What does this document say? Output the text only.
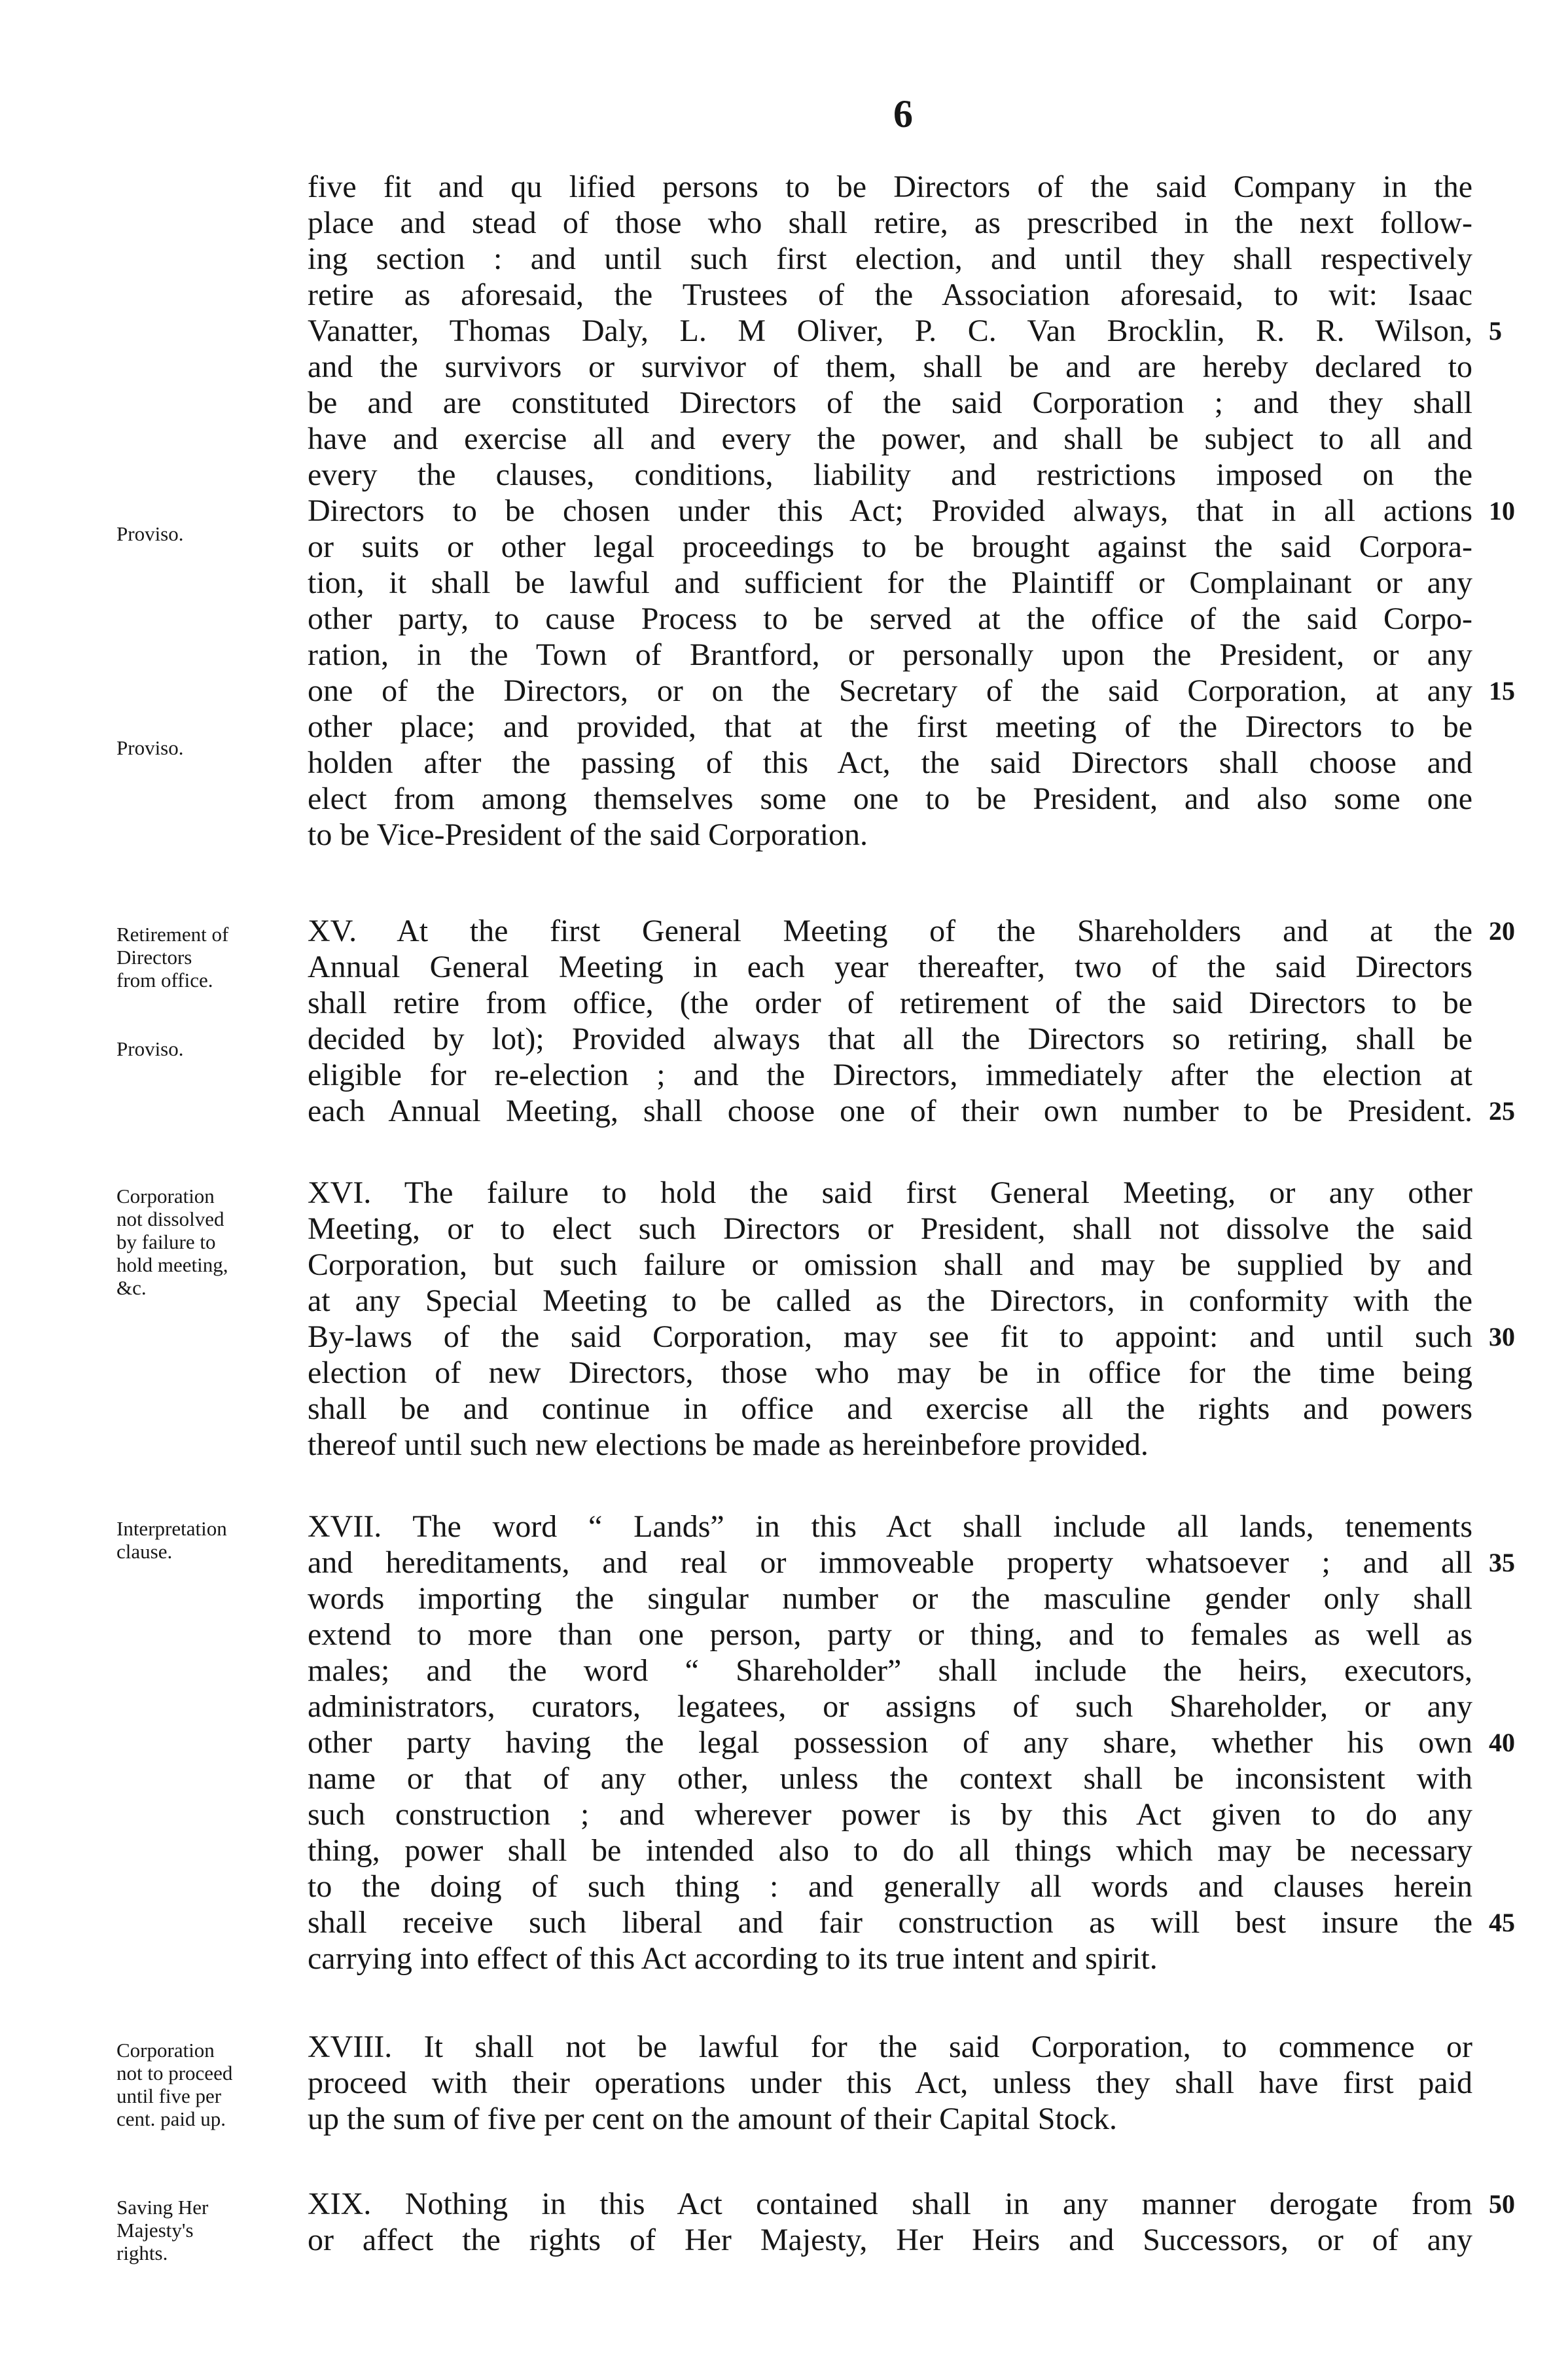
6
five fit and qu lified persons to be Directors of the said Company in the
place and stead of those who shall retire, as prescribed in the next follow-
ing section : and until such first election, and until they shall respectively
retire as aforesaid, the Trustees of the Association aforesaid, to wit: Isaac
Vanatter, Thomas Daly, L. M Oliver, P. C. Van Brocklin, R. R. Wilson,
and the survivors or survivor of them, shall be and are hereby declared to
be and are constituted Directors of the said Corporation ; and they shall
have and exercise all and every the power, and shall be subject to all and
every the clauses, conditions, liability and restrictions imposed on the
Directors to be chosen under this Act; Provided always, that in all actions
or suits or other legal proceedings to be brought against the said Corpora-
tion, it shall be lawful and sufficient for the Plaintiff or Complainant or any
other party, to cause Process to be served at the office of the said Corpo-
ration, in the Town of Brantford, or personally upon the President, or any
one of the Directors, or on the Secretary of the said Corporation, at any
other place; and provided, that at the first meeting of the Directors to be
holden after the passing of this Act, the said Directors shall choose and
elect from among themselves some one to be President, and also some one
to be Vice-President of the said Corporation.
XV. At the first General Meeting of the Shareholders and at the
Annual General Meeting in each year thereafter, two of the said Directors
shall retire from office, (the order of retirement of the said Directors to be
decided by lot); Provided always that all the Directors so retiring, shall be
eligible for re-election ; and the Directors, immediately after the election at
each Annual Meeting, shall choose one of their own number to be President.
XVI. The failure to hold the said first General Meeting, or any other
Meeting, or to elect such Directors or President, shall not dissolve the said
Corporation, but such failure or omission shall and may be supplied by and
at any Special Meeting to be called as the Directors, in conformity with the
By-laws of the said Corporation, may see fit to appoint: and until such
election of new Directors, those who may be in office for the time being
shall be and continue in office and exercise all the rights and powers
thereof until such new elections be made as hereinbefore provided.
XVII. The word “ Lands” in this Act shall include all lands, tenements
and hereditaments, and real or immoveable property whatsoever ; and all
words importing the singular number or the masculine gender only shall
extend to more than one person, party or thing, and to females as well as
males; and the word “ Shareholder” shall include the heirs, executors,
administrators, curators, legatees, or assigns of such Shareholder, or any
other party having the legal possession of any share, whether his own
name or that of any other, unless the context shall be inconsistent with
such construction ; and wherever power is by this Act given to do any
thing, power shall be intended also to do all things which may be necessary
to the doing of such thing : and generally all words and clauses herein
shall receive such liberal and fair construction as will best insure the
carrying into effect of this Act according to its true intent and spirit.
XVIII. It shall not be lawful for the said Corporation, to commence or
proceed with their operations under this Act, unless they shall have first paid
up the sum of five per cent on the amount of their Capital Stock.
XIX. Nothing in this Act contained shall in any manner derogate from
or affect the rights of Her Majesty, Her Heirs and Successors, or of any
5
10
15
20
25
30
35
40
45
50
Proviso.
Proviso.
Retirement of
Directors
from office.
Proviso.
Corporation
not dissolved
by failure to
hold meeting,
&c.
Interpretation
clause.
Corporation
not to proceed
until five per
cent. paid up.
Saving Her
Majesty's
rights.
